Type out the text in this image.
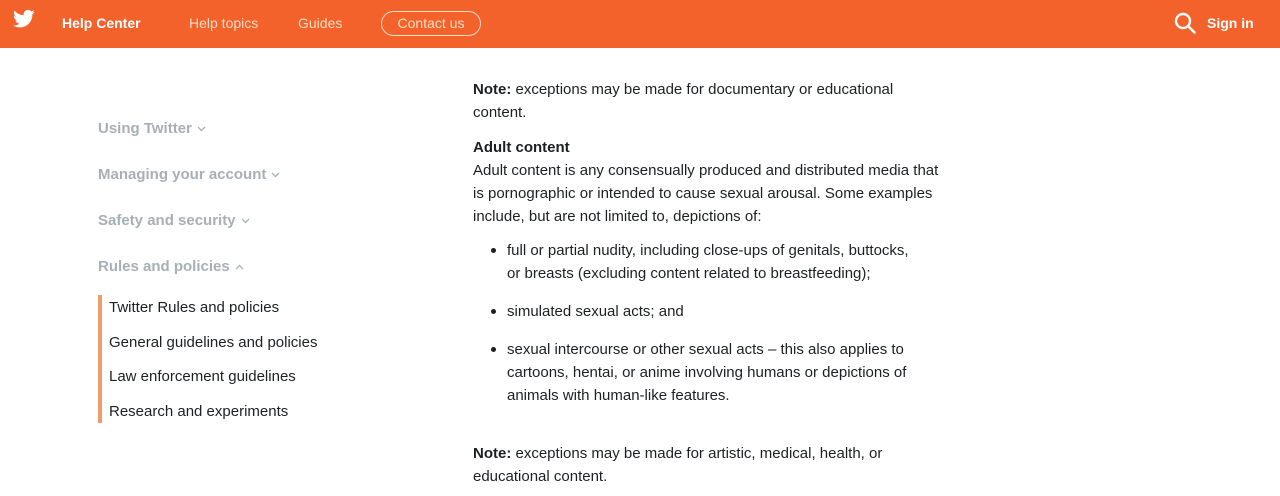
Help Center	Help topics	Guides	Contact us	Sign in
Using Twitter
Managing your account
Safety and security
Rules and policies
Twitter Rules and policies
General guidelines and policies
Law enforcement guidelines
Research and experiments
Note: exceptions may be made for documentary or educational
content.
Adult content
Adult content is any consensually produced and distributed media that
is pornographic or intended to cause sexual arousal. Some examples
include, but are not limited to, depictions of:
full or partial nudity, including close-ups of genitals, buttocks,
or breasts (excluding content related to breastfeeding);
simulated sexual acts; and
sexual intercourse or other sexual acts – this also applies to
cartoons, hentai, or anime involving humans or depictions of
animals with human-like features.
Note: exceptions may be made for artistic, medical, health, or
educational content.
